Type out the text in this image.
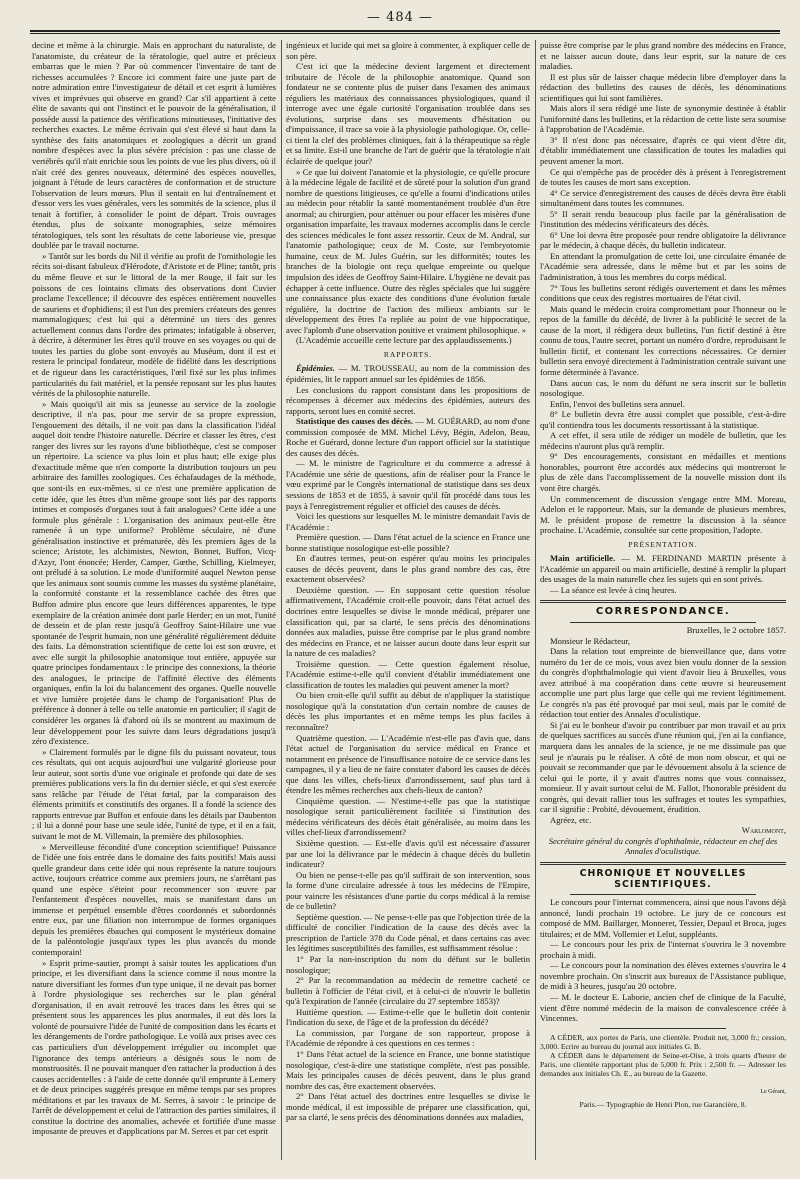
— 484 —

decine et même à la chirurgie. Mais en approchant du naturaliste, de l'anatomiste, du créateur de la tératologie, quel autre et précieux embarras que le mien ? Par où commencer l'inventaire de tant de richesses accumulées ? Encore ici comment faire une juste part de notre admiration entre l'investigateur de détail et cet esprit à lumières vives et imprévues qui observe en grand? Car s'il appartient à cette élite de savants qui ont l'instinct et le pouvoir de la généralisation, il possède aussi la patience des vérifications minutieuses, l'initiative des recherches exactes. Le même écrivain qui s'est élevé si haut dans la synthèse des faits anatomiques et zoologiques a décrit un grand nombre d'espèces avec la plus sévère précision : pas une classe de vertébrés qu'il n'ait enrichie sous les points de vue les plus divers, où il n'ait créé des genres nouveaux, déterminé des espèces nouvelles, joignant à l'étude de leurs caractères de conformation et de structure l'observation de leurs mœurs. Plus il sentait en lui d'entraînement et d'essor vers les vues générales, vers les sommités de la science, plus il tenait à fortifier, à consolider le point de départ. Trois ouvrages étendus, plus de soixante monographies, seize mémoires tératologiques, tels sont les résultats de cette laborieuse vie, presque doublée par le travail nocturne.

» Tantôt sur les bords du Nil il vérifie au profit de l'ornithologie les récits soi-disant fabuleux d'Hérodote, d'Aristote et de Pline; tantôt, pris du même fleuve et sur le littoral de la mer Rouge, il fait sur les poissons de ces lointains climats des observations dont Cuvier proclame l'excellence; il découvre des espèces entièrement nouvelles de sauriens et d'ophidiens; il est l'un des premiers créateurs des genres mammalogiques; c'est lui qui a déterminé un tiers des genres actuellement connus dans l'ordre des primates; infatigable à observer, à décrire, à déterminer les êtres qu'il trouve en ses voyages ou qui de toutes les parties du globe sont envoyés au Muséum, dont il est et restera le principal fondateur, modèle de fidélité dans les descriptions et de rigueur dans les caractéristiques, l'œil fixé sur les plus infimes particularités du fait matériel, et la pensée reposant sur les plus hautes vérités de la philosophie naturelle.

» Mais quoiqu'il ait mis sa jeunesse au service de la zoologie descriptive, il n'a pas, pour me servir de sa propre expression, l'engouement des détails, il ne voit pas dans la classification l'idéal auquel doit tendre l'histoire naturelle. Décrire et classer les êtres, c'est ranger des livres sur les rayons d'une bibliothèque, c'est se composer un répertoire. La science va plus loin et plus haut; elle exige plus d'exactitude même que n'en comporte la distribution toujours un peu arbitraire des familles zoologiques. Ces échafaudages de la méthode, que sont-ils en eux-mêmes, si ce n'est une première application de cette idée, que les êtres d'un même groupe sont liés par des rapports intimes et composés d'organes tout à fait analogues? Cette idée a une formule plus générale : L'organisation des animaux peut-elle être ramenée à un type uniforme? Problème séculaire, né d'une généralisation instinctive et prématurée, dès les premiers âges de la science; Aristote, les alchimistes, Newton, Bonnet, Buffon, Vicq-d'Azyr, l'ont énoncée; Herder, Camper, Gœthe, Schilling, Kielmeyer, ont préludé à sa solution. Le mode d'uniformité auquel Newton pense que les animaux sont soumis comme les masses du système planétaire, la conformité constante et la ressemblance cachée des êtres que Buffon admire plus encore que leurs différences apparentes, le type exemplaire de la création animée dont parle Herder; en un mot, l'unité de dessein et de plan reste jusqu'à Geoffroy Saint-Hilaire une vue spontanée de l'esprit humain, non une généralité régulièrement déduite des faits. La démonstration scientifique de cette loi est son œuvre, et avec elle surgit la philosophie anatomique tout entière, appuyée sur quatre principes fondamentaux : le principe des connexions, la théorie des analogues, le principe de l'affinité élective des éléments organiques, enfin la loi du balancement des organes. Quelle nouvelle et vive lumière projetée dans le champ de l'organisation! Plus de préférence à donner à telle ou telle anatomie en particulier; il s'agit de considérer les organes là d'abord où ils se montrent au maximum de leur développement pour les suivre dans leurs dégradations jusqu'à zéro d'existence.

» Clairement formulés par le digne fils du puissant novateur, tous ces résultats, qui ont acquis aujourd'hui une vulgarité glorieuse pour leur auteur, sont sortis d'une vue originale et profonde qui date de ses premières publications vers la fin du dernier siècle, et qui s'est exercée sans relâche par l'étude de l'état fœtal, par la comparaison des éléments primitifs et constitutifs des organes. Il a fondé la science des rapports entrevue par Buffon et enfouie dans les détails par Daubenton ; il lui a donné pour base une seule idée, l'unité de type, et il en a fait, suivant le mot de M. Villemain, la première des philosophies.

» Merveilleuse fécondité d'une conception scientifique! Puissance de l'idée une fois entrée dans le domaine des faits positifs! Mais aussi quelle grandeur dans cette idée qui nous représente la nature toujours active, toujours créatrice comme aux premiers jours, ne s'arrêtant pas quand une espèce s'éteint pour recommencer son œuvre par l'enfantement d'espèces nouvelles, mais se manifestant dans un immense et perpétuel ensemble d'êtres coordonnés et subordonnés entre eux, par une filiation non interrompue de formes organiques depuis les premières ébauches qui composent le mystérieux domaine de la paléontologie jusqu'aux types les plus avancés du monde contemporain!

» Esprit prime-sautier, prompt à saisir toutes les applications d'un principe, et les diversifiant dans la science comme il nous montre la nature diversifiant les formes d'un type unique, il ne devait pas borner à l'ordre physiologique ses recherches sur le plan général d'organisation, il en avait retrouvé les traces dans les êtres qui se présentent sous les apparences les plus anormales, il eut dès lors la volonté de poursuivre l'idée de l'unité de composition dans les écarts et les dérangements de l'ordre pathologique. Le voilà aux prises avec ces cas particuliers d'un développement irrégulier ou incomplet que l'ignorance des temps antérieurs a désignés sous le nom de monstruosités. Il ne pouvait manquer d'en rattacher la production à des causes accidentelles : à l'aide de cette donnée qu'il emprunte à Lemery et de deux principes suggérés presque en même temps par ses propres méditations et par les travaux de M. Serres, à savoir : le principe de l'arrêt de développement et celui de l'attraction des parties similaires, il constitue la doctrine des anomalies, achevée et fortifiée d'une masse imposante de preuves et d'applications par M. Serres et par cet esprit

ingénieux et lucide qui met sa gloire à commenter, à expliquer celle de son père.

C'est ici que la médecine devient largement et directement tributaire de l'école de la philosophie anatomique. Quand son fondateur ne se contente plus de puiser dans l'examen des animaux réguliers les matériaux des connaissances physiologiques, quand il interroge avec une égale curiosité l'organisation troublée dans ses évolutions, surprise dans ses mouvements d'hésitation ou d'impuissance, il trace sa voie à la physiologie pathologique. Or, celle-ci tient la clef des problèmes cliniques, fait à la thérapeutique sa règle et sa limite. Est-il une branche de l'art de guérir que la tératologie n'ait éclairée de quelque jour?

» Ce que lui doivent l'anatomie et la physiologie, ce qu'elle procure à la médecine légale de facilité et de sûreté pour la solution d'un grand nombre de questions litigieuses, ce qu'elle a fourni d'indications utiles au médecin pour rétablir la santé momentanément troublée d'un être anormal; au chirurgien, pour atténuer ou pour effacer les misères d'une organisation imparfaite, les travaux modernes accomplis dans le cercle des sciences médicales le font assez ressortir. Ceux de M. Andral, sur l'anatomie pathologique; ceux de M. Coste, sur l'embryotomie humaine, ceux de M. Jules Guérin, sur les difformités; toutes les branches de la biologie ont reçu quelque empreinte ou quelque impulsion des idées de Geoffroy Saint-Hilaire. L'hygiène ne devait pas échapper à cette influence. Outre des règles spéciales que lui suggère une connaissance plus exacte des conditions d'une évolution fœtale régulière, la doctrine de l'action des milieux ambiants sur le développement des êtres l'a repliée au point de vue hippocratique, avec l'aplomb d'une observation positive et vraiment philosophique. »

(L'Académie accueille cette lecture par des applaudissements.)

RAPPORTS.

Épidémies. — M. TROUSSEAU, au nom de la commission des épidémies, lit le rapport annuel sur les épidémies de 1856.

Les conclusions du rapport consistant dans les propositions de récompenses à décerner aux médecins des épidémies, auteurs des rapports, seront lues en comité secret.

Statistique des causes des décès. — M. GUÉRARD, au nom d'une commission composée de MM. Michel Lévy, Bégin, Adelon, Beau, Roche et Guérard, donne lecture d'un rapport officiel sur la statistique des causes des décès.

— M. le ministre de l'agriculture et du commerce a adressé à l'Académie une série de questions, afin de réaliser pour la France le vœu exprimé par le Congrès international de statistique dans ses deux sessions de 1853 et de 1855, à savoir qu'il fût procédé dans tous les pays à l'enregistrement régulier et officiel des causes de décès.

Voici les questions sur lesquelles M. le ministre demandait l'avis de l'Académie :

Première question. — Dans l'état actuel de la science en France une bonne statistique nosologique est-elle possible?

En d'autres termes, peut-on espérer qu'au moins les principales causes de décès peuvent, dans le plus grand nombre des cas, être exactement observées?

Deuxième question. — En supposant cette question résolue affirmativement, l'Académie croit-elle pouvoir, dans l'état actuel des doctrines entre lesquelles se divise le monde médical, préparer une classification qui, par sa clarté, le sens précis des dénominations données aux maladies, puisse être comprise par le plus grand nombre des médecins en France, et ne laisser aucun doute dans leur esprit sur la nature de ces maladies?

Troisième question. — Cette question également résolue, l'Académie estime-t-elle qu'il convient d'établir immédiatement une classification de toutes les maladies qui peuvent amener la mort?

Ou bien croit-elle qu'il suffit au début de n'appliquer la statistique nosologique qu'à la constatation d'un certain nombre de causes de décès les plus importantes et en même temps les plus faciles à reconnaître?

Quatrième question. — L'Académie n'est-elle pas d'avis que, dans l'état actuel de l'organisation du service médical en France et notamment en présence de l'insuffisance notoire de ce service dans les campagnes, il y a lieu de ne faire constater d'abord les causes de décès que dans les villes, chefs-lieux d'arrondissement, sauf plus tard à étendre les mêmes recherches aux chefs-lieux de canton?

Cinquième question. — N'estime-t-elle pas que la statistique nosologique serait particulièrement facilitée si l'institution des médecins vérificateurs des décès était généralisée, au moins dans les villes chef-lieux d'arrondissement?

Sixième question. — Est-elle d'avis qu'il est nécessaire d'assurer par une loi la délivrance par le médecin à chaque décès du bulletin indicateur?

Ou bien ne pense-t-elle pas qu'il suffirait de son intervention, sous la forme d'une circulaire adressée à tous les médecins de l'Empire, pour vaincre les résistances d'une partie du corps médical à la remise de ce bulletin?

Septième question. — Ne pense-t-elle pas que l'objection tirée de la difficulté de concilier l'indication de la cause des décès avec la prescription de l'article 378 du Code pénal, et dans certains cas avec les légitimes susceptibilités des familles, est suffisamment résolue :

1° Par la non-inscription du nom du défunt sur le bulletin nosologique;

2° Par la recommandation au médecin de remettre cacheté ce bulletin à l'officier de l'état civil, et à celui-ci de n'ouvrir le bulletin qu'à l'expiration de l'année (circulaire du 27 septembre 1853)?

Huitième question. — Estime-t-elle que le bulletin doit contenir l'indication du sexe, de l'âge et de la profession du décédé?

La commission, par l'organe de son rapporteur, propose à l'Académie de répondre à ces questions en ces termes :

1° Dans l'état actuel de la science en France, une bonne statistique nosologique, c'est-à-dire une statistique complète, n'est pas possible. Mais les principales causes de décès peuvent, dans le plus grand nombre des cas, être exactement observées.

2° Dans l'état actuel des doctrines entre lesquelles se divise le monde médical, il est impossible de préparer une classification, qui, par sa clarté, le sens précis des dénominations données aux maladies,

puisse être comprise par le plus grand nombre des médecins en France, et ne laisser aucun doute, dans leur esprit, sur la nature de ces maladies.

Il est plus sûr de laisser chaque médecin libre d'employer dans la rédaction des bulletins des causes de décès, les dénominations scientifiques qui lui sont familières.

Mais alors il sera rédigé une liste de synonymie destinée à établir l'uniformité dans les bulletins, et la rédaction de cette liste sera soumise à l'approbation de l'Académie.

3° Il n'est donc pas nécessaire, d'après ce qui vient d'être dit, d'établir immédiatement une classification de toutes les maladies qui peuvent amener la mort.

Ce qui n'empêche pas de procéder dès à présent à l'enregistrement de toutes les causes de mort sans exception.

4° Ce service d'enregistrement des causes de décès devra être établi simultanément dans toutes les communes.

5° Il serait rendu beaucoup plus facile par la généralisation de l'institution des médecins vérificateurs des décès.

6° Une loi devra être proposée pour rendre obligatoire la délivrance par le médecin, à chaque décès, du bulletin indicateur.

En attendant la promulgation de cette loi, une circulaire émanée de l'Académie sera adressée, dans le même but et par les soins de l'administration, à tous les membres du corps médical.

7° Tous les bulletins seront rédigés ouvertement et dans les mêmes conditions que ceux des registres mortuaires de l'état civil.

Mais quand le médecin croira compromettant pour l'honneur ou le repos de la famille du décédé, de livrer à la publicité le secret de la cause de la mort, il rédigera deux bulletins, l'un fictif destiné à être connu de tous, l'autre secret, portant un numéro d'ordre, reproduisant le bulletin fictif, et contenant les corrections nécessaires. Ce dernier bulletin sera envoyé directement à l'administration centrale suivant une forme déterminée à l'avance.

Dans aucun cas, le nom du défunt ne sera inscrit sur le bulletin nosologique.

Enfin, l'envoi des bulletins sera annuel.

8° Le bulletin devra être aussi complet que possible, c'est-à-dire qu'il contiendra tous les documents ressortissant à la statistique.

A cet effet, il sera utile de rédiger un modèle de bulletin, que les médecins n'auront plus qu'à remplir.

9° Des encouragements, consistant en médailles et mentions honorables, pourront être accordés aux médecins qui montreront le plus de zèle dans l'accomplissement de la nouvelle mission dont ils vont être chargés.

Un commencement de discussion s'engage entre MM. Moreau, Adelon et le rapporteur. Mais, sur la demande de plusieurs membres, M. le président propose de remettre la discussion à la séance prochaine. L'Académie, consultée sur cette proposition, l'adopte.

PRÉSENTATION.

Main artificielle. — M. FERDINAND MARTIN présente à l'Académie un appareil ou main artificielle, destiné à remplir la plupart des usages de la main naturelle chez les sujets qui en sont privés.

— La séance est levée à cinq heures.

CORRESPONDANCE.

Bruxelles, le 2 octobre 1857.

Monsieur le Rédacteur,

Dans la relation tout empreinte de bienveillance que, dans votre numéro du 1er de ce mois, vous avez bien voulu donner de la session du congrès d'ophthalmologie qui vient d'avoir lieu à Bruxelles, vous avez attribué à ma coopération dans cette œuvre si heureusement accomplie une part plus large que celle qui me revient légitimement. Le congrès n'a pas été provoqué par moi seul, mais par le comité de rédaction tout entier des Annales d'oculistique.

Si j'ai eu le bonheur d'avoir pu contribuer par mon travail et au prix de quelques sacrifices au succès d'une réunion qui, j'en ai la confiance, marquera dans les annales de la science, je ne me dissimule pas que seul je n'aurais pu le réaliser. A côté de mon nom obscur, et qui ne pouvait se recommander que par le dévouement absolu à la science de celui qui le porte, il y avait d'autres noms que vous connaissez, monsieur. Il y avait surtout celui de M. Fallot, l'honorable président du congrès, qui devait rallier tous les suffrages et toutes les sympathies, car il signifie : Probité, dévouement, érudition.

Agréez, etc.

Warlomont,

Secrétaire général du congrès d'ophthalmie, rédacteur en chef des Annales d'oculistique.

CHRONIQUE ET NOUVELLES SCIENTIFIQUES.

Le concours pour l'internat commencera, ainsi que nous l'avons déjà annoncé, lundi prochain 19 octobre. Le jury de ce concours est composé de MM. Baillarger, Monneret, Tessier, Depaul et Broca, juges titulaires; et de MM. Vollemier et Lelut, suppléants.

— Le concours pour les prix de l'internat s'ouvrira le 3 novembre prochain à midi.

— Le concours pour la nomination des élèves externes s'ouvrira le 4 novembre prochain. On s'inscrit aux bureaux de l'Assistance publique, de midi à 3 heures, jusqu'au 20 octobre.

— M. le docteur E. Laborie, ancien chef de clinique de la Faculté, vient d'être nommé médecin de la maison de convalescence créée à Vincennes.

A CÉDER, aux portes de Paris, une clientèle. Produit net, 3,000 fr.; cession, 3,000. Ecrire au bureau du journal aux initiales G. B.

A CÉDER dans le département de Seine-et-Oise, à trois quarts d'heure de Paris, une clientèle rapportant plus de 5,000 fr. Prix : 2,500 fr. — Adresser les demandes aux initiales Ch. E., au bureau de la Gazette.

Le Gérant,

Paris.— Typographie de Henri Plon, rue Garancière, 8.
